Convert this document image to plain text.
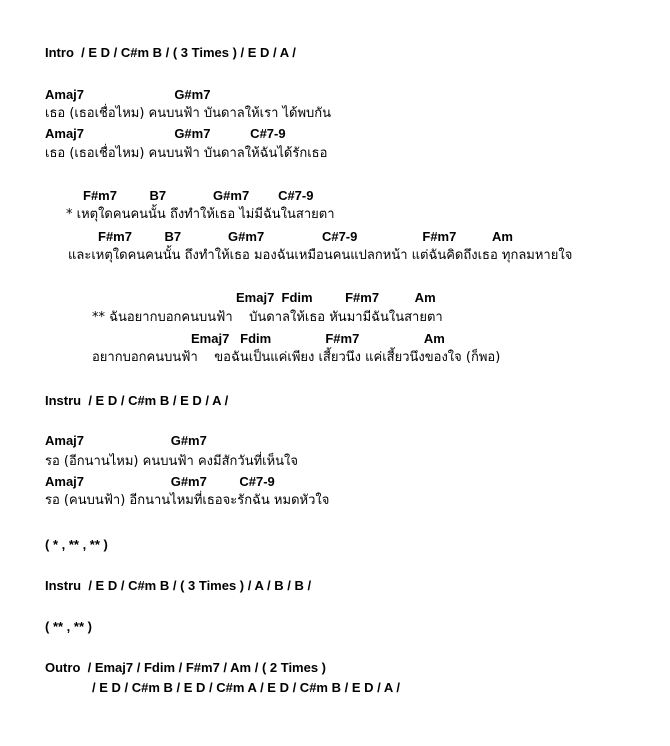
Intro  / E D / C#m B / ( 3 Times ) / E D / A /
Amaj7                         G#m7
เธอ (เธอเชื่อไหม) คนบนฟ้า บันดาลให้เรา ได้พบกัน
Amaj7                         G#m7           C#7-9
เธอ (เธอเชื่อไหม) คนบนฟ้า บันดาลให้ฉันได้รักเธอ
F#m7         B7             G#m7        C#7-9
* เหตุใดคนคนนั้น ถึงทำให้เธอ ไม่มีฉันในสายตา
F#m7         B7             G#m7                C#7-9                  F#m7          Am
และเหตุใดคนคนนั้น ถึงทำให้เธอ มองฉันเหมือนคนแปลกหน้า แต่ฉันคิดถึงเธอ ทุกลมหายใจ
Emaj7  Fdim         F#m7          Am
** ฉันอยากบอกคนบนฟ้า    บันดาลให้เธอ หันมามีฉันในสายตา
Emaj7   Fdim               F#m7                  Am
อยากบอกคนบนฟ้า    ขอฉันเป็นแค่เพียง เสี้ยวนึง แค่เสี้ยวนึงของใจ (ก็พอ)
Instru  / E D / C#m B / E D / A /
Amaj7                        G#m7
รอ (อีกนานไหม) คนบนฟ้า คงมีสักวันที่เห็นใจ
Amaj7                        G#m7         C#7-9
รอ (คนบนฟ้า) อีกนานไหมที่เธอจะรักฉัน หมดหัวใจ
( * , ** , ** )
Instru  / E D / C#m B / ( 3 Times ) / A / B / B /
( ** , ** )
Outro  / Emaj7 / Fdim / F#m7 / Am / ( 2 Times )
/ E D / C#m B / E D / C#m A / E D / C#m B / E D / A /
